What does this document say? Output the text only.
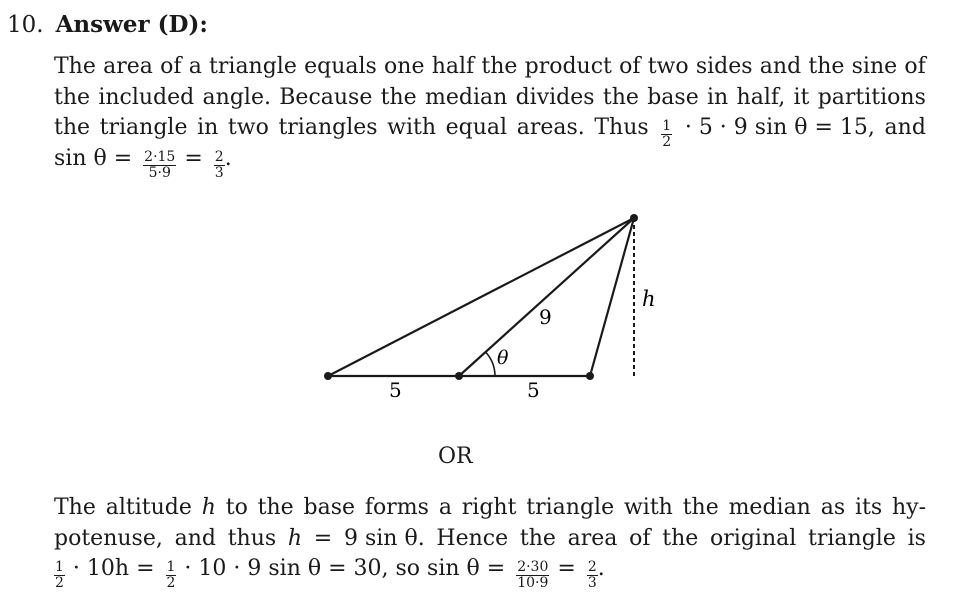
10. Answer (D):
The area of a triangle equals one half the product of two sides and the sine of
the included angle. Because the median divides the base in half, it partitions
the triangle in two triangles with equal areas. Thus $\frac{1}{2} \cdot 5 \cdot 9$ sin θ = 15, and
$\sin \theta = \frac{2\cdot 15}{5\cdot 9} = \frac{2}{3}$ .
h
9
θ
5	5
OR
The altitude h to the base forms a right triangle with the median as its hy-
potenuse, and thus h = 9 sin θ. Hence the area of the original triangle is
$\frac{1}{2} \cdot 10h = \frac{1}{2} \cdot 10 \cdot 9$ sin θ = 30, so $\sin \theta = \frac{2\cdot 30}{10\cdot 9} = \frac{2}{3}$ .
